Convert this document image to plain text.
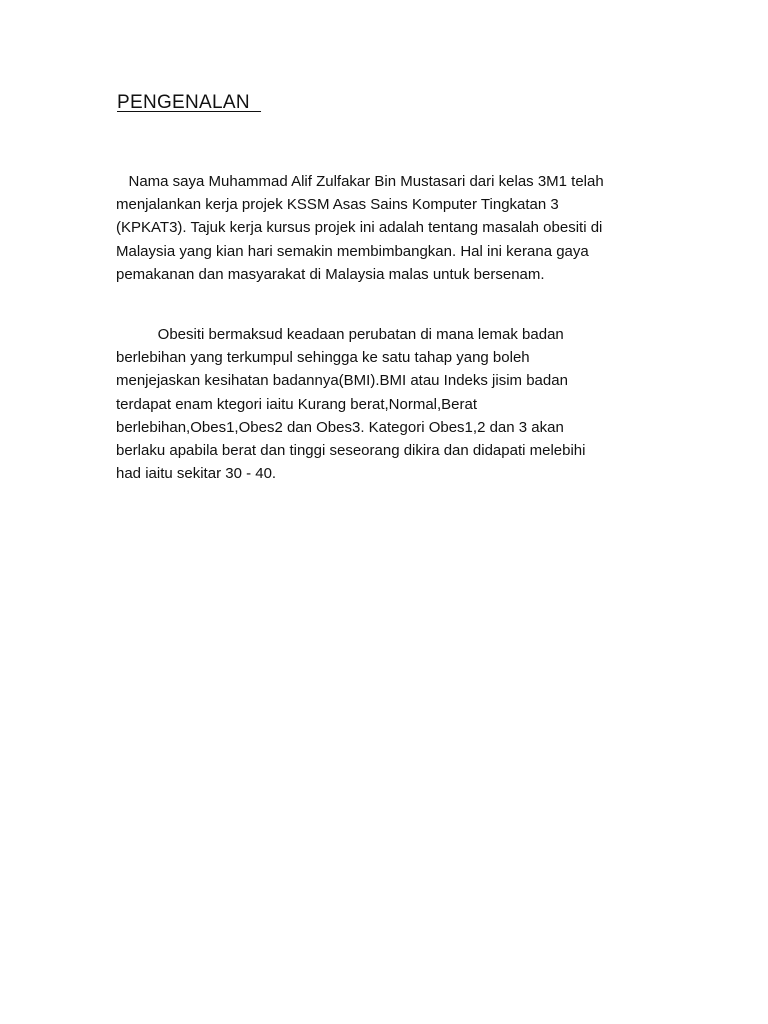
PENGENALAN

Nama saya Muhammad Alif Zulfakar Bin Mustasari dari kelas 3M1 telah
menjalankan kerja projek KSSM Asas Sains Komputer Tingkatan 3
(KPKAT3). Tajuk kerja kursus projek ini adalah tentang masalah obesiti di
Malaysia yang kian hari semakin membimbangkan. Hal ini kerana gaya
pemakanan dan masyarakat di Malaysia malas untuk bersenam.

Obesiti bermaksud keadaan perubatan di mana lemak badan
berlebihan yang terkumpul sehingga ke satu tahap yang boleh
menjejaskan kesihatan badannya(BMI).BMI atau Indeks jisim badan
terdapat enam ktegori iaitu Kurang berat,Normal,Berat
berlebihan,Obes1,Obes2 dan Obes3. Kategori Obes1,2 dan 3 akan
berlaku apabila berat dan tinggi seseorang dikira dan didapati melebihi
had iaitu sekitar 30 - 40.
